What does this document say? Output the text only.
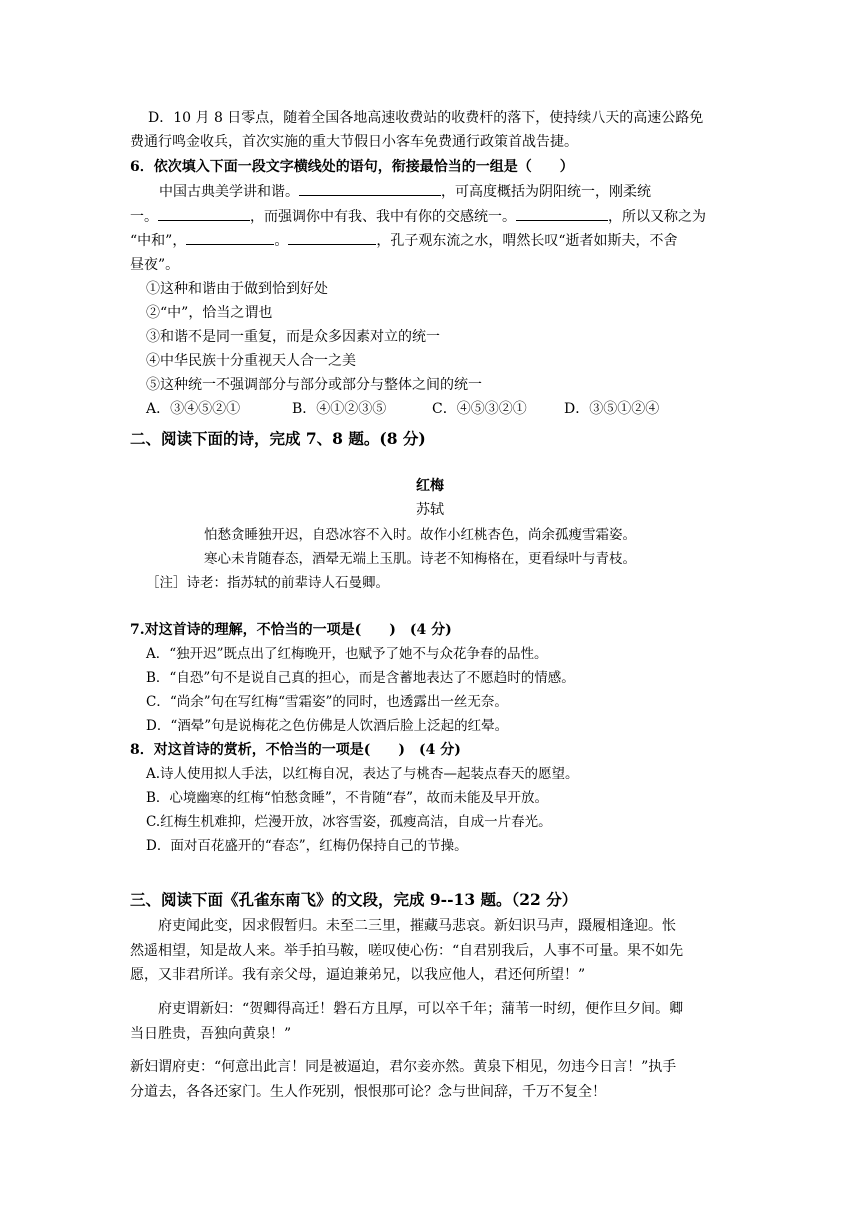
D．10 月 8 日零点，随着全国各地高速收费站的收费杆的落下，使持续八天的高速公路免
费通行鸣金收兵，首次实施的重大节假日小客车免费通行政策首战告捷。
6．依次填入下面一段文字横线处的语句，衔接最恰当的一组是（　　）
中国古典美学讲和谐。	，可高度概括为阴阳统一，刚柔统
一。	，而强调你中有我、我中有你的交感统一。	，所以又称之为
“中和”，	。	，孔子观东流之水，喟然长叹“逝者如斯夫，不舍
昼夜”。
①这种和谐由于做到恰到好处
②“中”，恰当之谓也
③和谐不是同一重复，而是众多因素对立的统一
④中华民族十分重视天人合一之美
⑤这种统一不强调部分与部分或部分与整体之间的统一
A．③④⑤②①	B．④①②③⑤	C．④⑤③②①	D．③⑤①②④
二、阅读下面的诗，完成 7、8 题。(8 分)
红梅
苏轼
怕愁贪睡独开迟，自恐冰容不入时。故作小红桃杏色，尚余孤瘦雪霜姿。
寒心未肯随春态，酒晕无端上玉肌。诗老不知梅格在，更看绿叶与青枝。
［注］诗老：指苏轼的前辈诗人石曼卿。
7.对这首诗的理解，不恰当的一项是(　　)　(4 分)
A．“独开迟”既点出了红梅晚开，也赋予了她不与众花争春的品性。
B．“自恐”句不是说自己真的担心，而是含蓄地表达了不愿趋时的情感。
C．“尚余”句在写红梅“雪霜姿”的同时，也透露出一丝无奈。
D．“酒晕”句是说梅花之色仿佛是人饮酒后脸上泛起的红晕。
8．对这首诗的赏析，不恰当的一项是(　　)　(4 分)
A.诗人使用拟人手法，以红梅自况，表达了与桃杏—起装点春天的愿望。
B．心境幽寒的红梅“怕愁贪睡”，不肯随“春”，故而未能及早开放。
C.红梅生机难抑，烂漫开放，冰容雪姿，孤瘦高洁，自成一片春光。
D．面对百花盛开的“春态”，红梅仍保持自己的节操。
三、阅读下面《孔雀东南飞》的文段，完成 9--13 题。（22 分）
府吏闻此变，因求假暂归。未至二三里，摧藏马悲哀。新妇识马声，蹑履相逢迎。怅
然遥相望，知是故人来。举手拍马鞍，嗟叹使心伤：“自君别我后，人事不可量。果不如先
愿，又非君所详。我有亲父母，逼迫兼弟兄，以我应他人，君还何所望！”
府吏谓新妇：“贺卿得高迁！磐石方且厚，可以卒千年；蒲苇一时纫，便作旦夕间。卿
当日胜贵，吾独向黄泉！”
新妇谓府吏：“何意出此言！同是被逼迫，君尔妾亦然。黄泉下相见，勿违今日言！”执手
分道去，各各还家门。生人作死别，恨恨那可论？念与世间辞，千万不复全！
